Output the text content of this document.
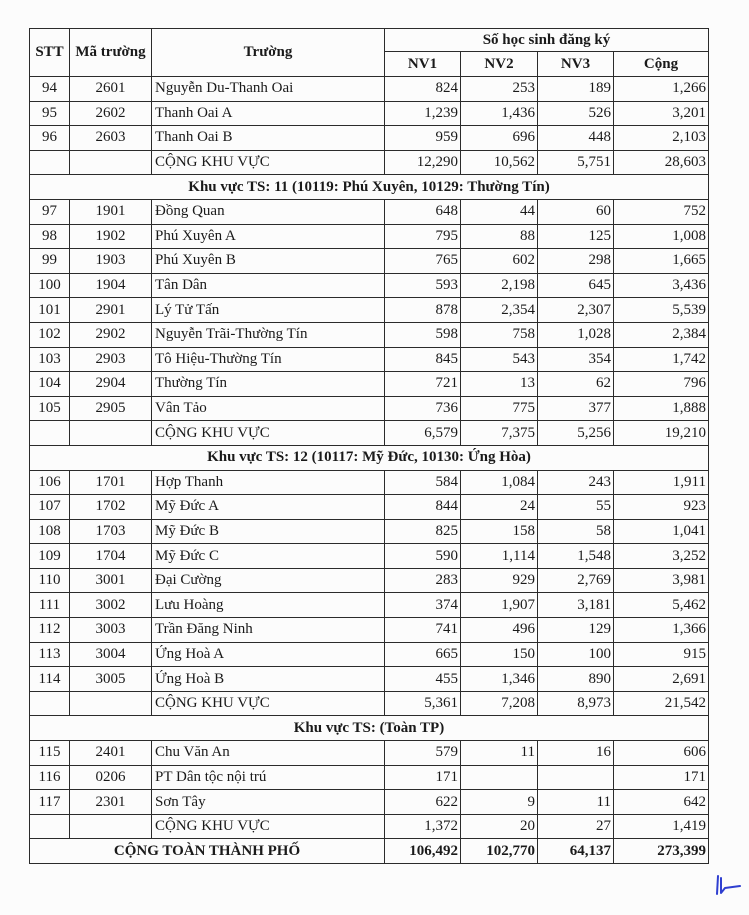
STT	Mã trường	Trường	Số học sinh đăng ký			
			NV1	NV2	NV3	Cộng
94	2601	Nguyễn Du-Thanh Oai	824	253	189	1,266
95	2602	Thanh Oai A	1,239	1,436	526	3,201
96	2603	Thanh Oai B	959	696	448	2,103
		CỘNG KHU VỰC	12,290	10,562	5,751	28,603
Khu vực TS: 11 (10119: Phú Xuyên, 10129: Thường Tín)						
97	1901	Đồng Quan	648	44	60	752
98	1902	Phú Xuyên A	795	88	125	1,008
99	1903	Phú Xuyên B	765	602	298	1,665
100	1904	Tân Dân	593	2,198	645	3,436
101	2901	Lý Tử Tấn	878	2,354	2,307	5,539
102	2902	Nguyễn Trãi-Thường Tín	598	758	1,028	2,384
103	2903	Tô Hiệu-Thường Tín	845	543	354	1,742
104	2904	Thường Tín	721	13	62	796
105	2905	Vân Tảo	736	775	377	1,888
		CỘNG KHU VỰC	6,579	7,375	5,256	19,210
Khu vực TS: 12 (10117: Mỹ Đức, 10130: Ứng Hòa)						
106	1701	Hợp Thanh	584	1,084	243	1,911
107	1702	Mỹ Đức A	844	24	55	923
108	1703	Mỹ Đức B	825	158	58	1,041
109	1704	Mỹ Đức C	590	1,114	1,548	3,252
110	3001	Đại Cường	283	929	2,769	3,981
111	3002	Lưu Hoàng	374	1,907	3,181	5,462
112	3003	Trần Đăng Ninh	741	496	129	1,366
113	3004	Ứng Hoà A	665	150	100	915
114	3005	Ứng Hoà B	455	1,346	890	2,691
		CỘNG KHU VỰC	5,361	7,208	8,973	21,542
Khu vực TS: (Toàn TP)						
115	2401	Chu Văn An	579	11	16	606
116	0206	PT Dân tộc nội trú	171			171
117	2301	Sơn Tây	622	9	11	642
		CỘNG KHU VỰC	1,372	20	27	1,419
CỘNG TOÀN THÀNH PHỐ			106,492	102,770	64,137	273,399
